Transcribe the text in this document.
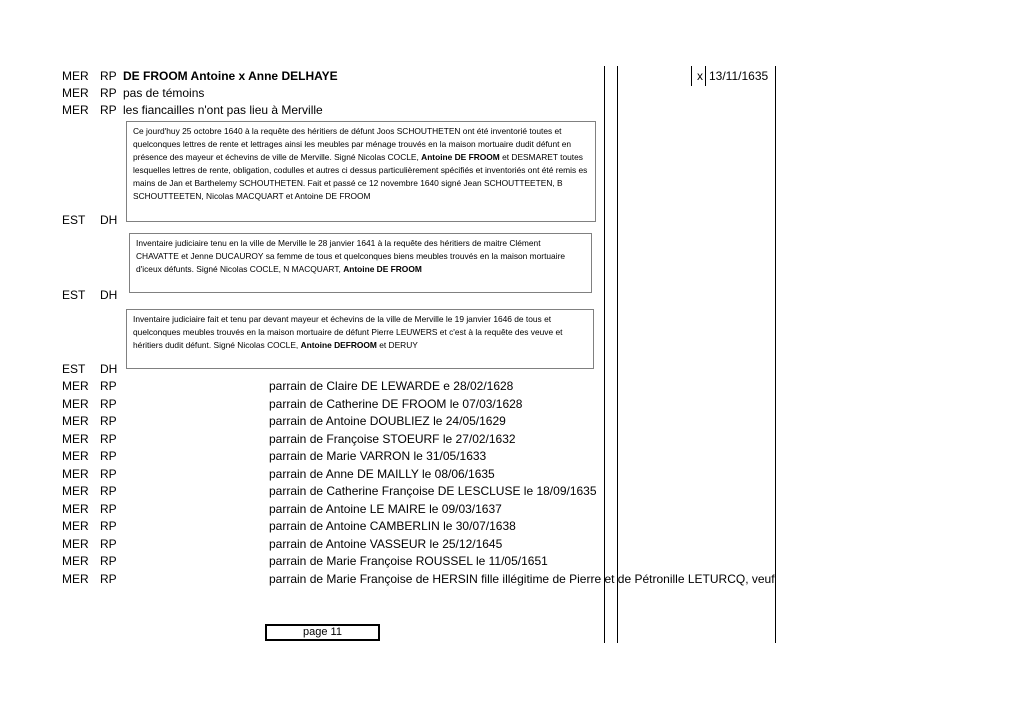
MER RP DE FROOM Antoine x Anne DELHAYE	x 13/11/1635
MER RP pas de témoins
MER RP les fiancailles n'ont pas lieu à Merville
Ce jourd'huy 25 octobre 1640 à la requête des héritiers de défunt Joos SCHOUTHETEN ont été inventorié toutes et quelconques lettres de rente et lettrages ainsi les meubles par ménage trouvés en la maison mortuaire dudit défunt en présence des mayeur et échevins de ville de Merville. Signé Nicolas COCLE, Antoine DE FROOM et DESMARET toutes lesquelles lettres de rente, obligation, codulles et autres ci dessus particulièrement spécifiés et inventoriés ont été remis es mains de Jan et Barthelemy SCHOUTHETEN. Fait et passé ce 12 novembre 1640 signé Jean SCHOUTTEETEN, B SCHOUTTEETEN, Nicolas MACQUART et Antoine DE FROOM
EST DH
Inventaire judiciaire tenu en la ville de Merville le 28 janvier 1641 à la requête des héritiers de maitre Clément CHAVATTE et Jenne DUCAUROY sa femme de tous et quelconques biens meubles trouvés en la maison mortuaire d'iceux défunts. Signé Nicolas COCLE, N MACQUART, Antoine DE FROOM
EST DH
Inventaire judiciaire fait et tenu par devant mayeur et échevins de la ville de Merville le 19 janvier 1646 de tous et quelconques meubles trouvés en la maison mortuaire de défunt Pierre LEUWERS et c'est à la requête des veuve et héritiers dudit défunt. Signé Nicolas COCLE, Antoine DEFROOM et DERUY
EST DH
MER RP	parrain de Claire DE LEWARDE e 28/02/1628
MER RP	parrain de Catherine DE FROOM le 07/03/1628
MER RP	parrain de Antoine DOUBLIEZ le 24/05/1629
MER RP	parrain de Françoise STOEURF le 27/02/1632
MER RP	parrain de Marie VARRON le 31/05/1633
MER RP	parrain de Anne DE MAILLY le 08/06/1635
MER RP	parrain de Catherine Françoise DE LESCLUSE le 18/09/1635
MER RP	parrain de Antoine LE MAIRE le 09/03/1637
MER RP	parrain de Antoine CAMBERLIN le 30/07/1638
MER RP	parrain de Antoine VASSEUR le 25/12/1645
MER RP	parrain de Marie Françoise ROUSSEL le 11/05/1651
MER RP	parrain de Marie Françoise de HERSIN fille illégitime de Pierre et de Pétronille LETURCQ, veuf
page 11
